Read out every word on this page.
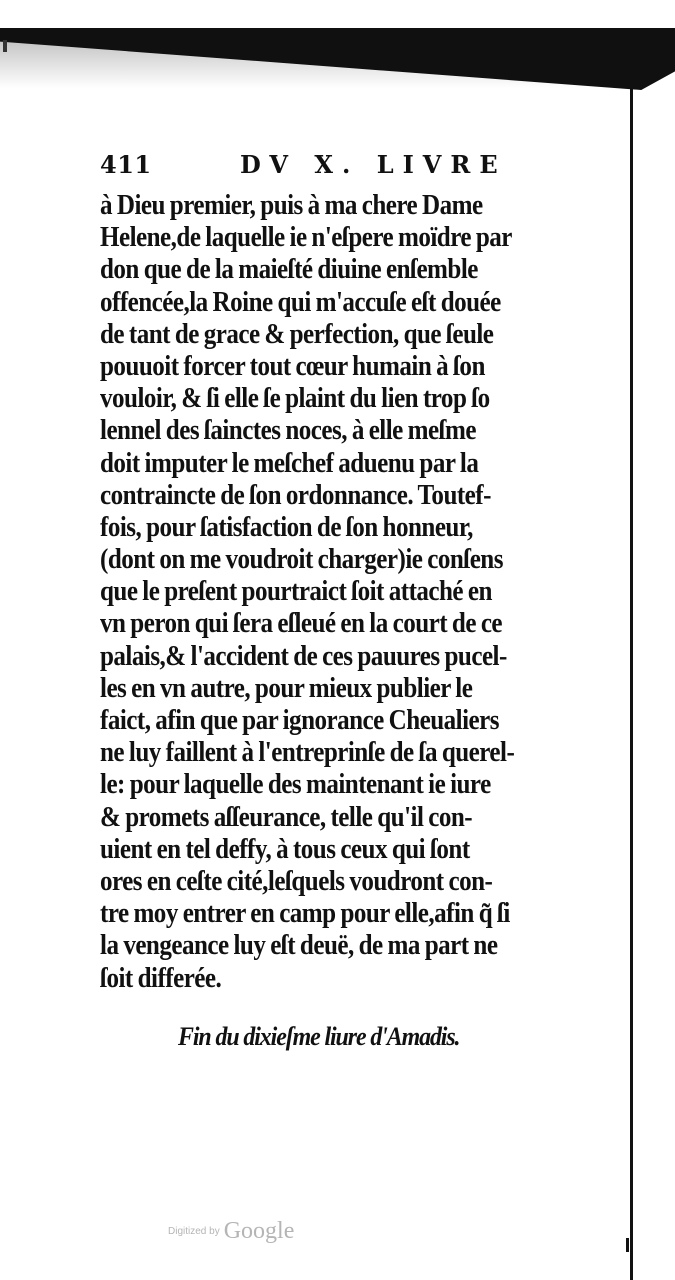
411	DV X. LIVRE
à Dieu premier, puis à ma chere Dame
Helene,de laquelle ie n'eſpere moïdre par
don que de la maieſté diuine enſemble
offencée,la Roine qui m'accuſe eſt douée
de tant de grace & perfection, que ſeule
pouuoit forcer tout cœur humain à ſon
vouloir, & ſi elle ſe plaint du lien trop ſo
lennel des ſainctes noces, à elle meſme
doit imputer le meſchef aduenu par la
contraincte de ſon ordonnance. Toutef-
fois, pour ſatisfaction de ſon honneur,
(dont on me voudroit charger)ie conſens
que le preſent pourtraict ſoit attaché en
vn peron qui ſera eſleué en la court de ce
palais,& l'accident de ces pauures pucel-
les en vn autre, pour mieux publier le
faict, afin que par ignorance Cheualiers
ne luy faillent à l'entreprinſe de ſa querel-
le: pour laquelle des maintenant ie iure
& promets aſſeurance, telle qu'il con-
uient en tel deffy, à tous ceux qui ſont
ores en ceſte cité,leſquels voudront con-
tre moy entrer en camp pour elle,afin q̃ ſi
la vengeance luy eſt deuë, de ma part ne
ſoit differée.
Fin du dixieſme liure d'Amadis.
$^{Digitized by}$ Google
